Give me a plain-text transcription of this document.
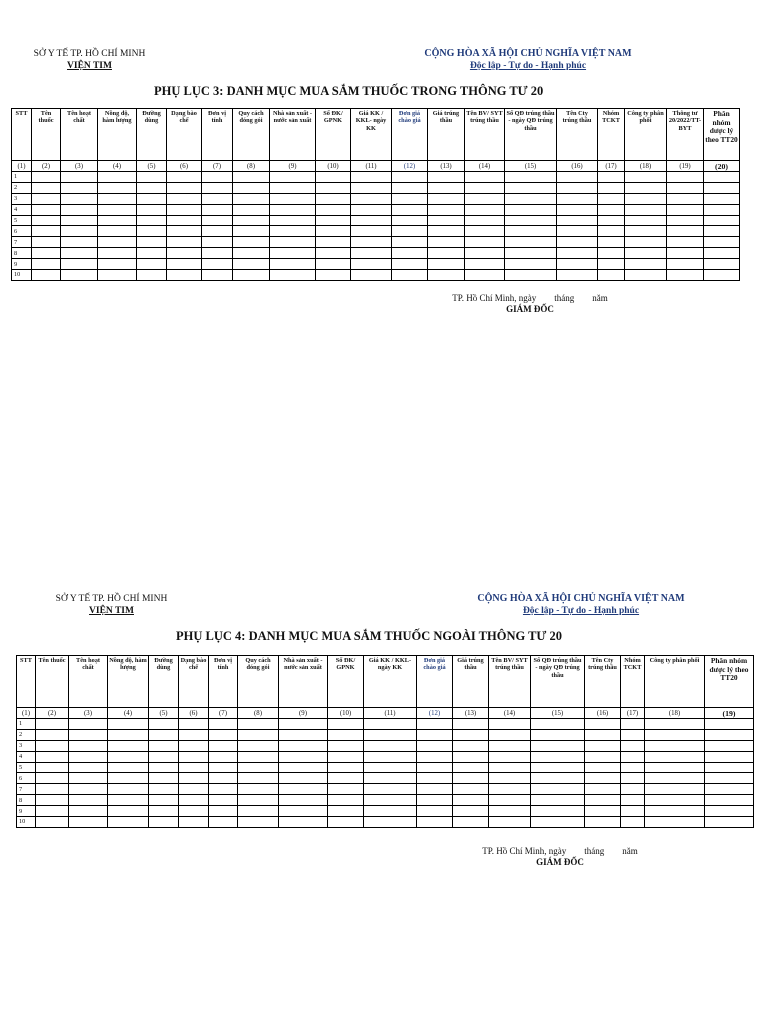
SỞ Y TẾ TP. HỒ CHÍ MINH
VIỆN TIM
CỘNG HÒA XÃ HỘI CHỦ NGHĨA VIỆT NAM
Độc lập - Tự do - Hạnh phúc
PHỤ LỤC 3: DANH MỤC MUA SẮM THUỐC TRONG THÔNG TƯ 20
STT	Tên thuốc	Tên hoạt chất	Nồng độ, hàm lượng	Đường dùng	Dạng bào chế	Đơn vị tính	Quy cách đóng gói	Nhà sản xuất - nước sản xuất	Số ĐK/ GPNK	Giá KK / KKL- ngày KK	Đơn giá chào giá	Giá trúng thầu	Tên BV/ SYT trúng thầu	Số QĐ trúng thầu - ngày QĐ trúng thầu	Tên Cty trúng thầu	Nhóm TCKT	Công ty phân phối	Thông tư 20/2022/TT-BYT	Phân nhóm dược lý theo TT20
(1)	(2)	(3)	(4)	(5)	(6)	(7)	(8)	(9)	(10)	(11)	(12)	(13)	(14)	(15)	(16)	(17)	(18)	(19)	(20)
1																			
2																			
3																			
4																			
5																			
6																			
7																			
8																			
9																			
10																			
TP. Hồ Chí Minh, ngày        tháng        năm
GIÁM ĐỐC
SỞ Y TẾ TP. HỒ CHÍ MINH
VIỆN TIM
CỘNG HÒA XÃ HỘI CHỦ NGHĨA VIỆT NAM
Độc lập - Tự do - Hạnh phúc
PHỤ LỤC 4: DANH MỤC MUA SẮM THUỐC NGOÀI THÔNG TƯ 20
STT	Tên thuốc	Tên hoạt chất	Nồng độ, hàm lượng	Đường dùng	Dạng bào chế	Đơn vị tính	Quy cách đóng gói	Nhà sản xuất - nước sản xuất	Số ĐK/ GPNK	Giá KK / KKL- ngày KK	Đơn giá chào giá	Giá trúng thầu	Tên BV/ SYT trúng thầu	Số QĐ trúng thầu - ngày QĐ trúng thầu	Tên Cty trúng thầu	Nhóm TCKT	Công ty phân phối	Phân nhóm dược lý theo TT20
(1)	(2)	(3)	(4)	(5)	(6)	(7)	(8)	(9)	(10)	(11)	(12)	(13)	(14)	(15)	(16)	(17)	(18)	(19)
1																		
2																		
3																		
4																		
5																		
6																		
7																		
8																		
9																		
10																		
TP. Hồ Chí Minh, ngày        tháng        năm
GIÁM ĐỐC
